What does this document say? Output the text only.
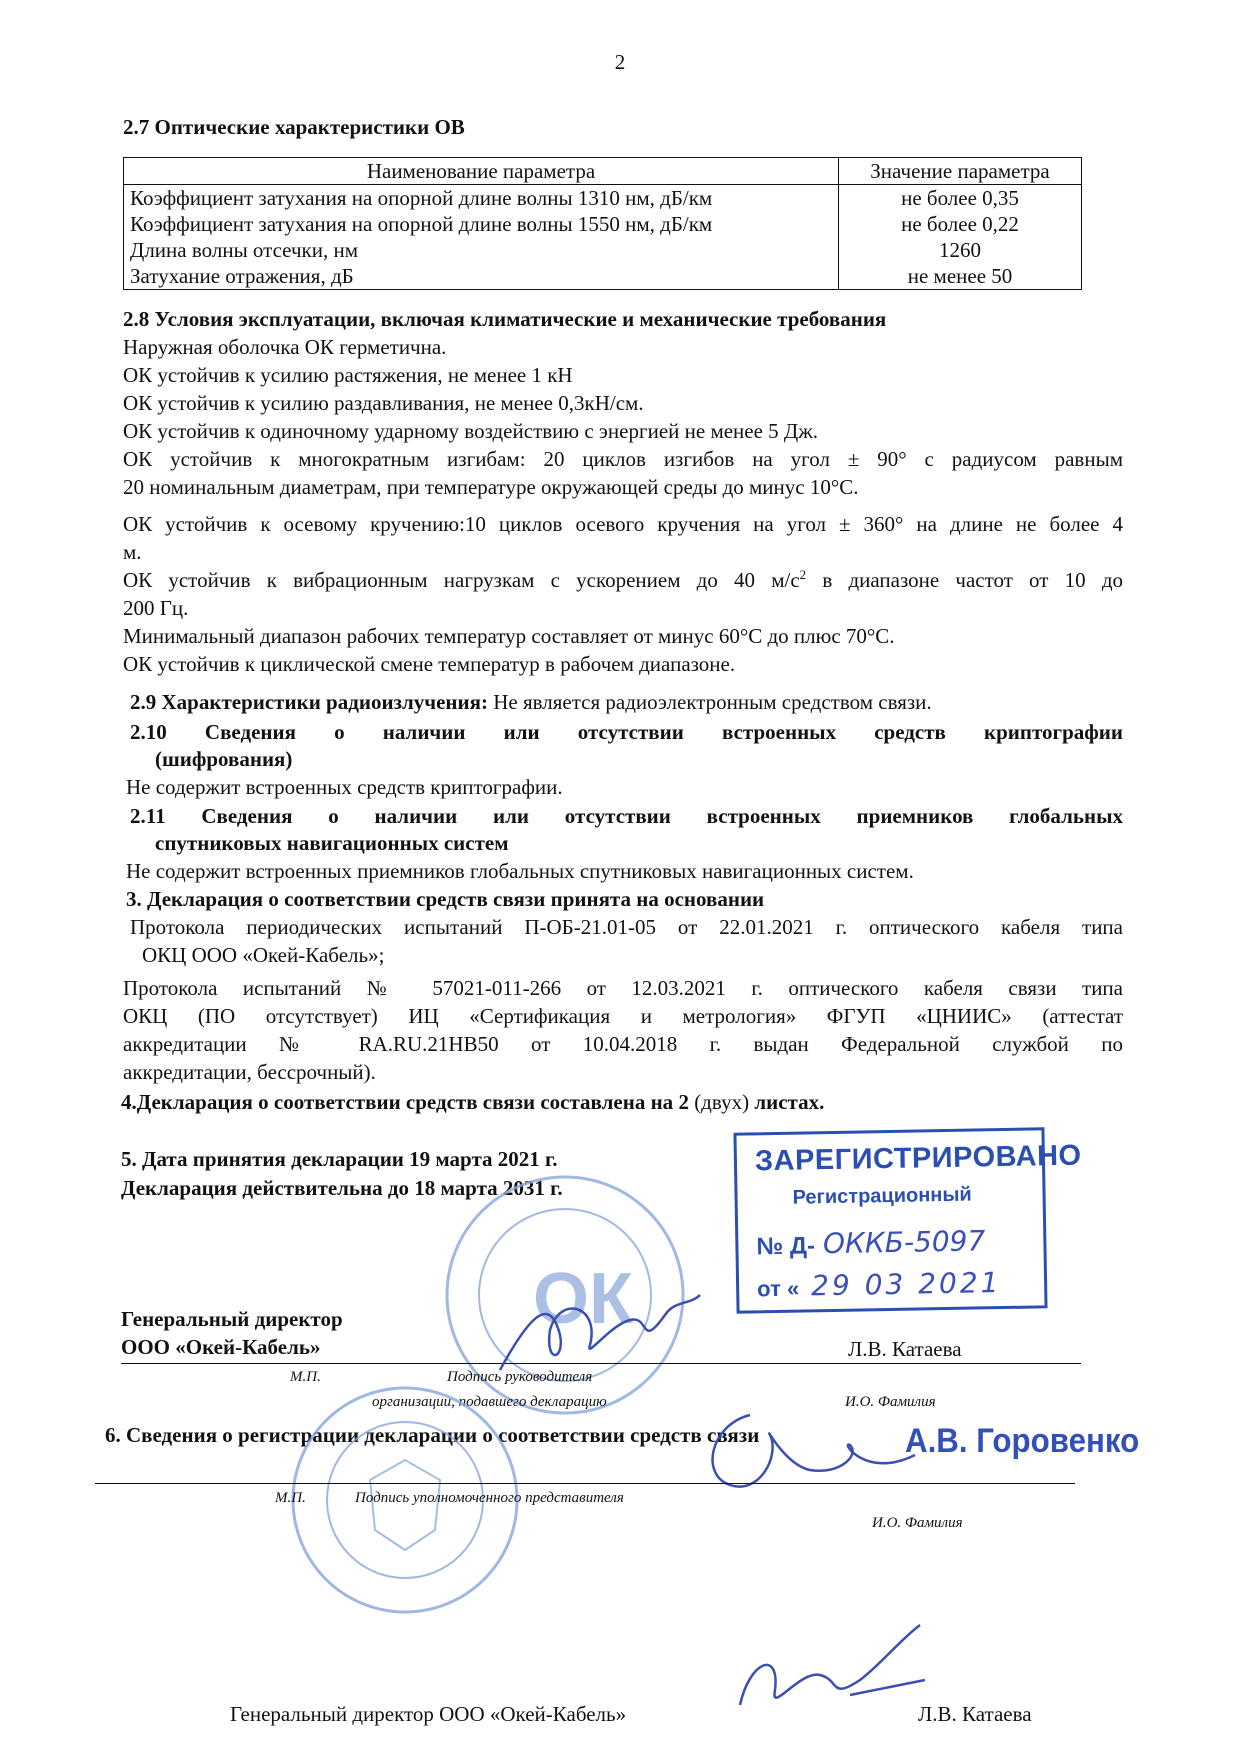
2
2.7 Оптические характеристики ОВ
Наименование параметра	Значение параметра
Коэффициент затухания на опорной длине волны 1310 нм, дБ/км	не более 0,35
Коэффициент затухания на опорной длине волны 1550 нм, дБ/км	не более 0,22
Длина волны отсечки, нм	1260
Затухание отражения, дБ	не менее 50
2.8 Условия эксплуатации, включая климатические и механические требования
Наружная оболочка ОК герметична.
ОК устойчив к усилию растяжения, не менее 1 кН
ОК устойчив к усилию раздавливания, не менее 0,3кН/см.
ОК устойчив к одиночному ударному воздействию с энергией не менее 5 Дж.
ОК устойчив к многократным изгибам: 20 циклов изгибов на угол ± 90° с радиусом равным
20 номинальным диаметрам, при температуре окружающей среды до минус 10°С.
ОК устойчив к осевому кручению:10 циклов осевого кручения на угол ± 360° на длине не более 4
м.
ОК устойчив к вибрационным нагрузкам с ускорением до 40 $м/с^2$ в диапазоне частот от 10 до
200 Гц.
Минимальный диапазон рабочих температур составляет от минус 60°С до плюс 70°С.
ОК устойчив к циклической смене температур в рабочем диапазоне.
2.9 Характеристики радиоизлучения: Не является радиоэлектронным средством связи.
2.10 Сведения о наличии или отсутствии встроенных средств криптографии
(шифрования)
Не содержит встроенных средств криптографии.
2.11 Сведения о наличии или отсутствии встроенных приемников глобальных
спутниковых навигационных систем
Не содержит встроенных приемников глобальных спутниковых навигационных систем.
3. Декларация о соответствии средств связи принята на основании
Протокола периодических испытаний П-ОБ-21.01-05 от 22.01.2021 г. оптического кабеля типа
ОКЦ ООО «Окей-Кабель»;
Протокола испытаний № 57021-011-266 от 12.03.2021 г. оптического кабеля связи типа
ОКЦ (ПО отсутствует) ИЦ «Сертификация и метрология» ФГУП «ЦНИИС» (аттестат
аккредитации № RA.RU.21HB50 от 10.04.2018 г. выдан Федеральной службой по
аккредитации, бессрочный).
4.Декларация о соответствии средств связи составлена на 2 (двух) листах.
5. Дата принятия декларации 19 марта 2021 г.
Декларация действительна до 18 марта 2031 г.
ОК
ЗАРЕГИСТРИРОВАНО
Регистрационный
№ Д- ОККБ-5097
от « 29 03 2021
Генеральный директор
ООО «Окей-Кабель»	Л.В. Катаева
М.П.	Подпись руководителя
организации, подавшего декларацию	И.О. Фамилия
6. Сведения о регистрации декларации о соответствии средств связи	А.В. Горовенко
М.П.	Подпись уполномоченного представителя
И.О. Фамилия
Генеральный директор ООО «Окей-Кабель»	Л.В. Катаева
